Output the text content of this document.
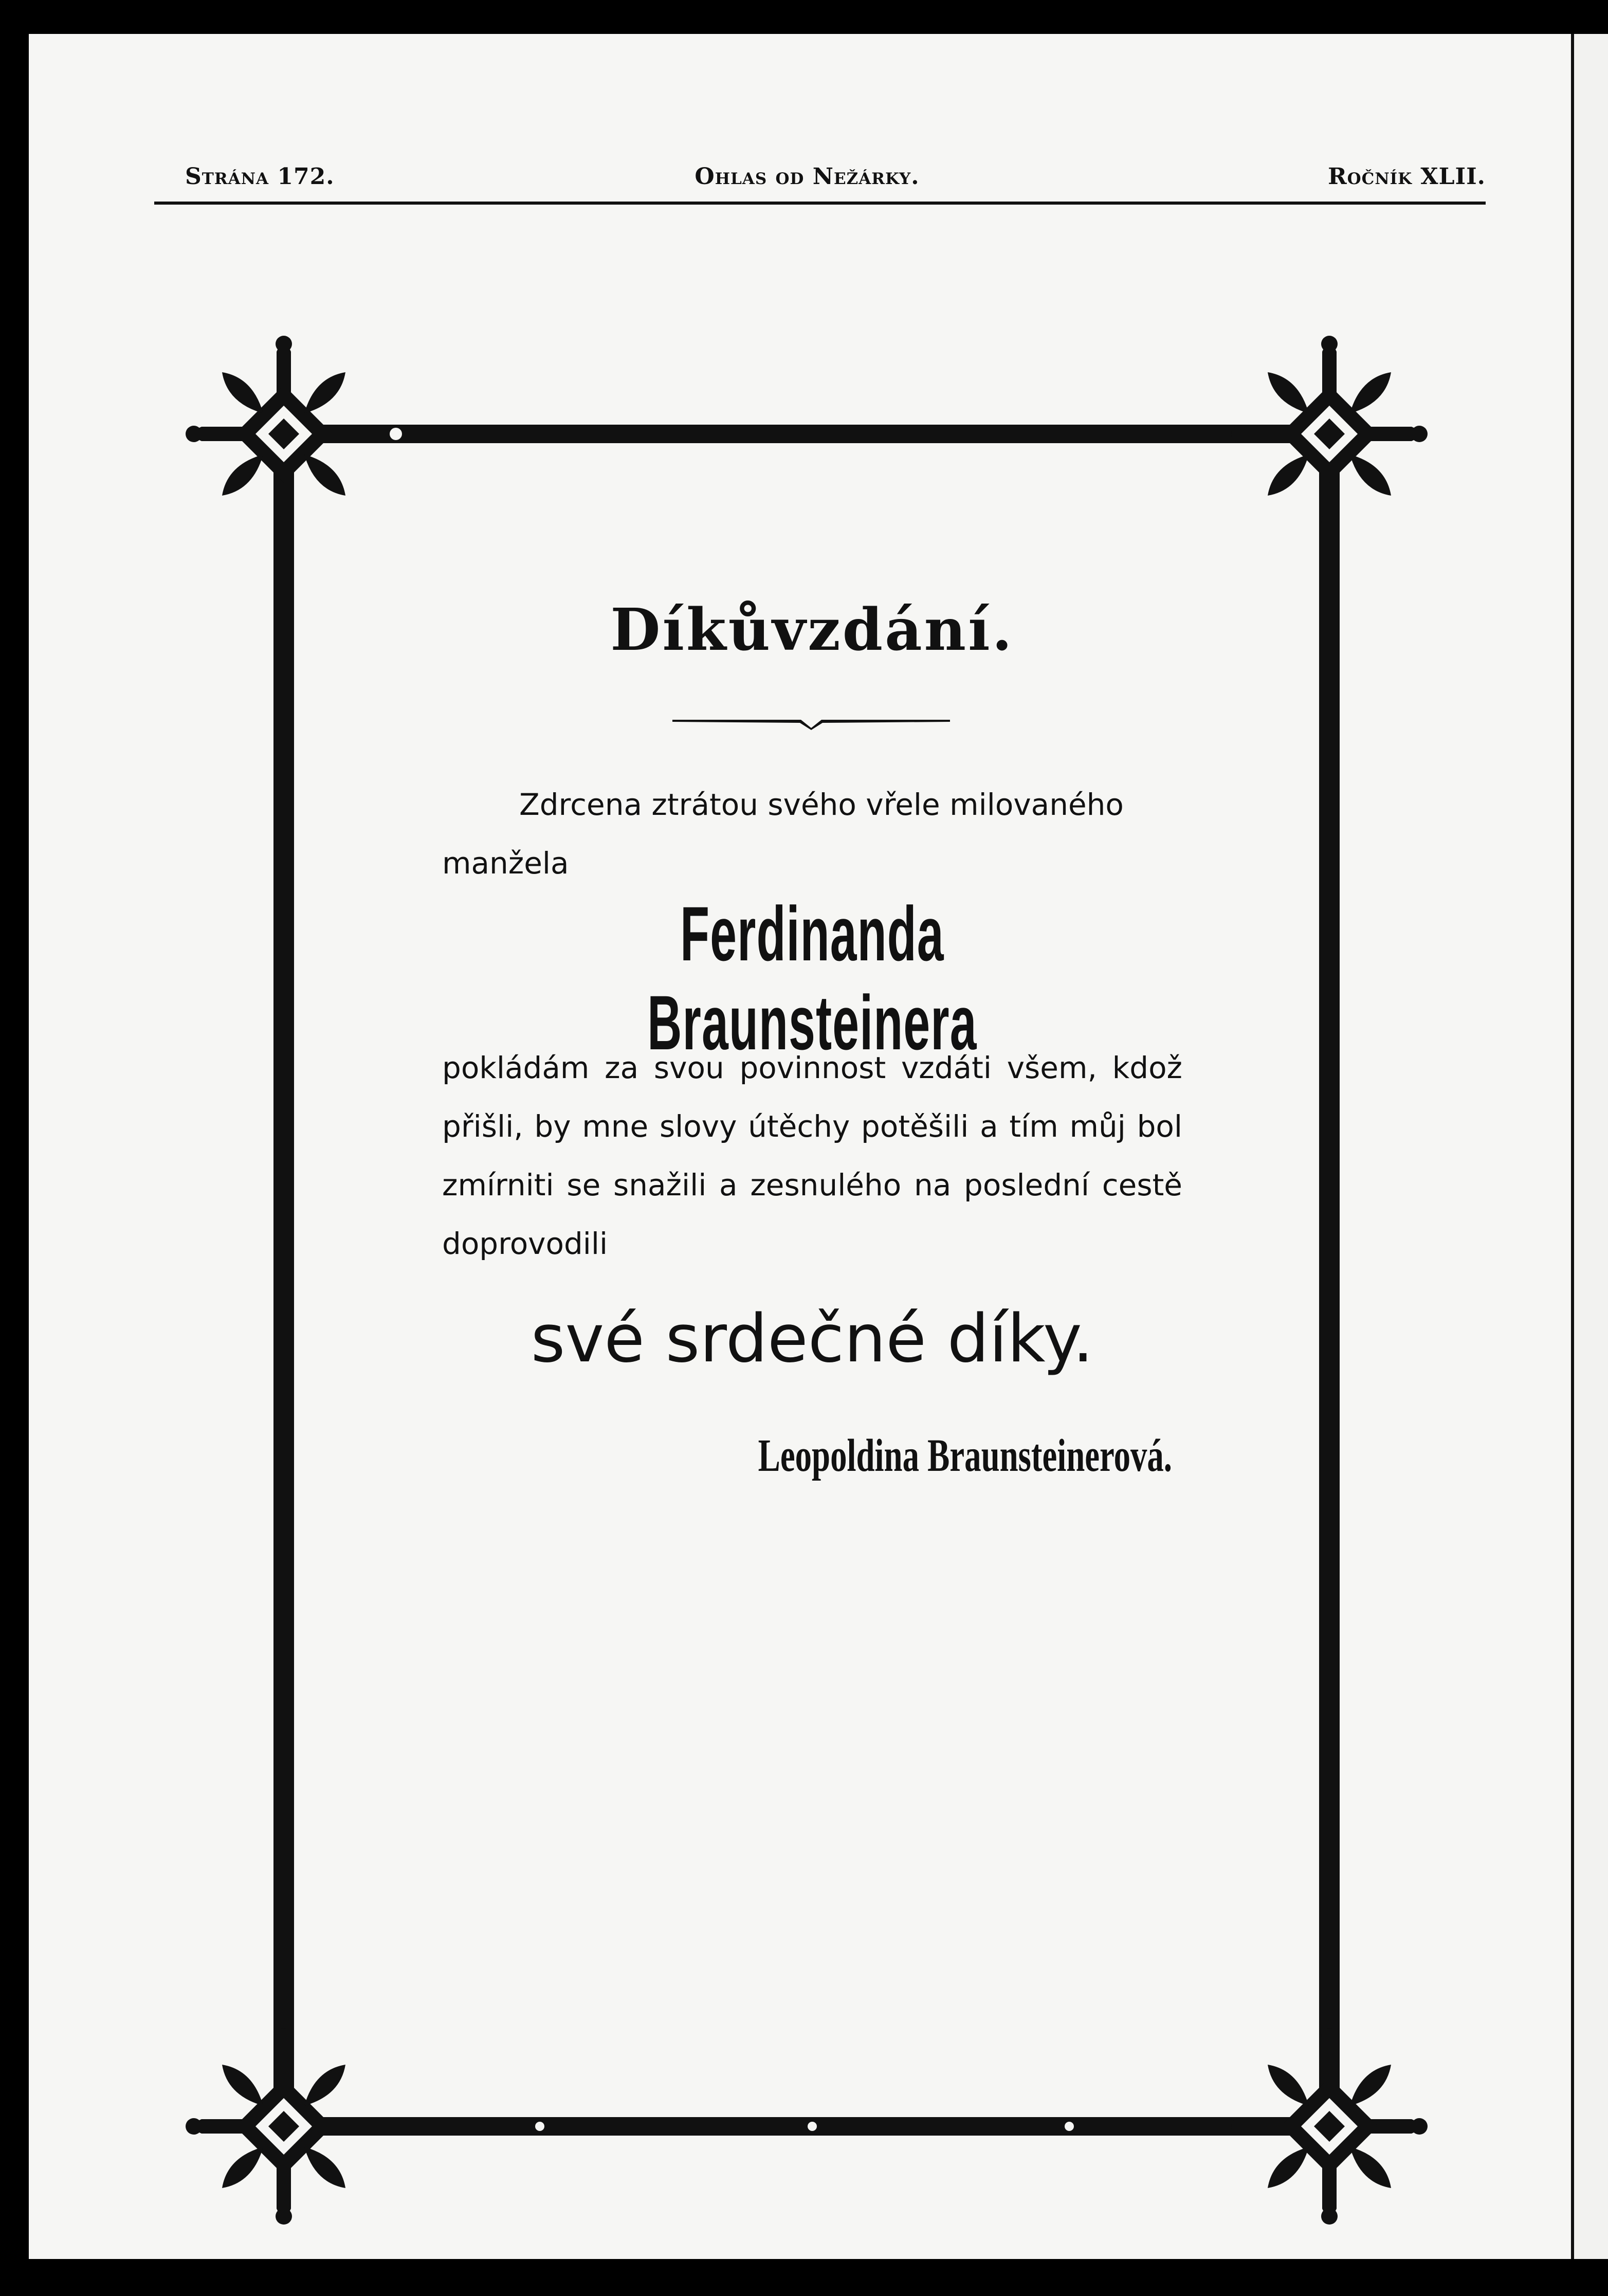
Strána 172.	Ohlas od Nežárky.	Ročník XLII.
Díkůvzdání.
Zdrcena ztrátou svého vřele milovaného
manžela
Ferdinanda Braunsteinera
pokládám za svou povinnost vzdáti všem, kdož přišli, by mne slovy útěchy potěšili a tím můj bol zmírniti se snažili a zesnulého na poslední cestě doprovodili
své srdečné díky.
Leopoldina Braunsteinerová.
